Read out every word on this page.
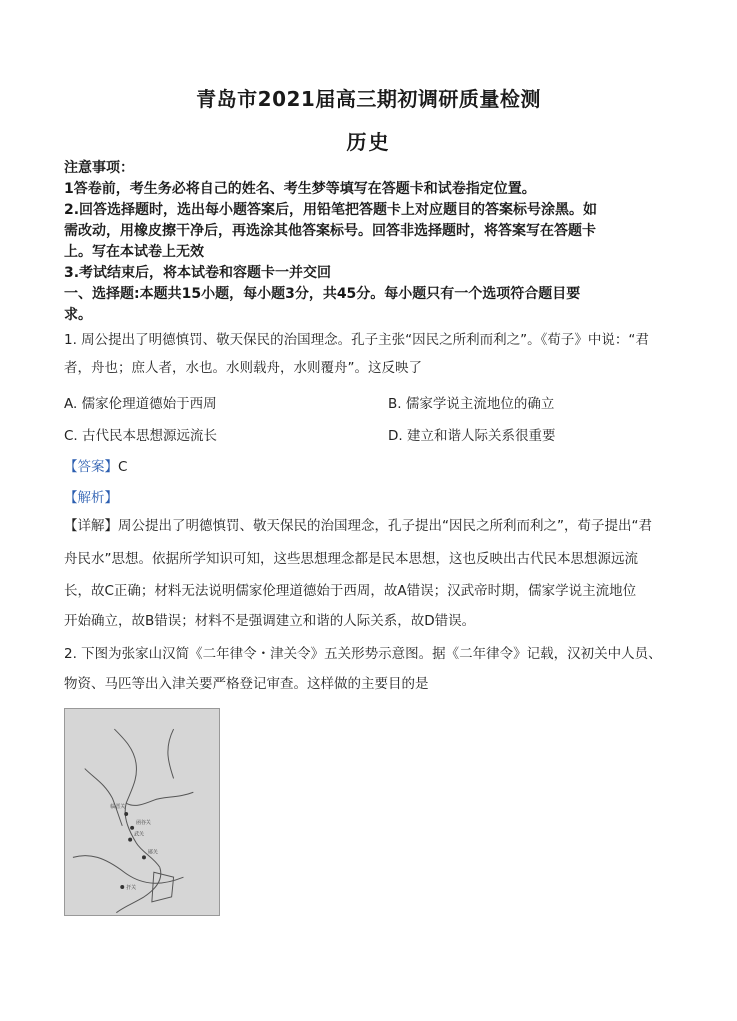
青岛市2021届高三期初调研质量检测
历史
注意事项：
1答卷前，考生务必将自己的姓名、考生梦等填写在答题卡和试卷指定位置。
2.回答选择题时，选出每小题答案后，用铅笔把答题卡上对应题目的答案标号涂黑。如
需改动，用橡皮擦干净后，再选涂其他答案标号。回答非选择题时，将答案写在答题卡
上。写在本试卷上无效
3.考试结束后，将本试卷和容题卡一并交回
一、选择题:本题共15小题，每小题3分，共45分。每小题只有一个选项符合题目要
求。
1. 周公提出了明德慎罚、敬天保民的治国理念。孔子主张“因民之所利而利之”。《荀子》中说：“君
者，舟也；庶人者，水也。水则载舟，水则覆舟”。这反映了
A. 儒家伦理道德始于西周	B. 儒家学说主流地位的确立
C. 古代民本思想源远流长	D. 建立和谐人际关系很重要
【答案】C
【解析】
【详解】周公提出了明德慎罚、敬天保民的治国理念，孔子提出“因民之所利而利之”，荀子提出“君
舟民水”思想。依据所学知识可知，这些思想理念都是民本思想，这也反映出古代民本思想源远流
长，故C正确；材料无法说明儒家伦理道德始于西周，故A错误；汉武帝时期，儒家学说主流地位
开始确立，故B错误；材料不是强调建立和谐的人际关系，故D错误。
2. 下图为张家山汉简《二年律令・津关令》五关形势示意图。据《二年律令》记载，汉初关中人员、
物资、马匹等出入津关要严格登记审查。这样做的主要目的是
临晋关
函谷关
武关
郧关
扞关
